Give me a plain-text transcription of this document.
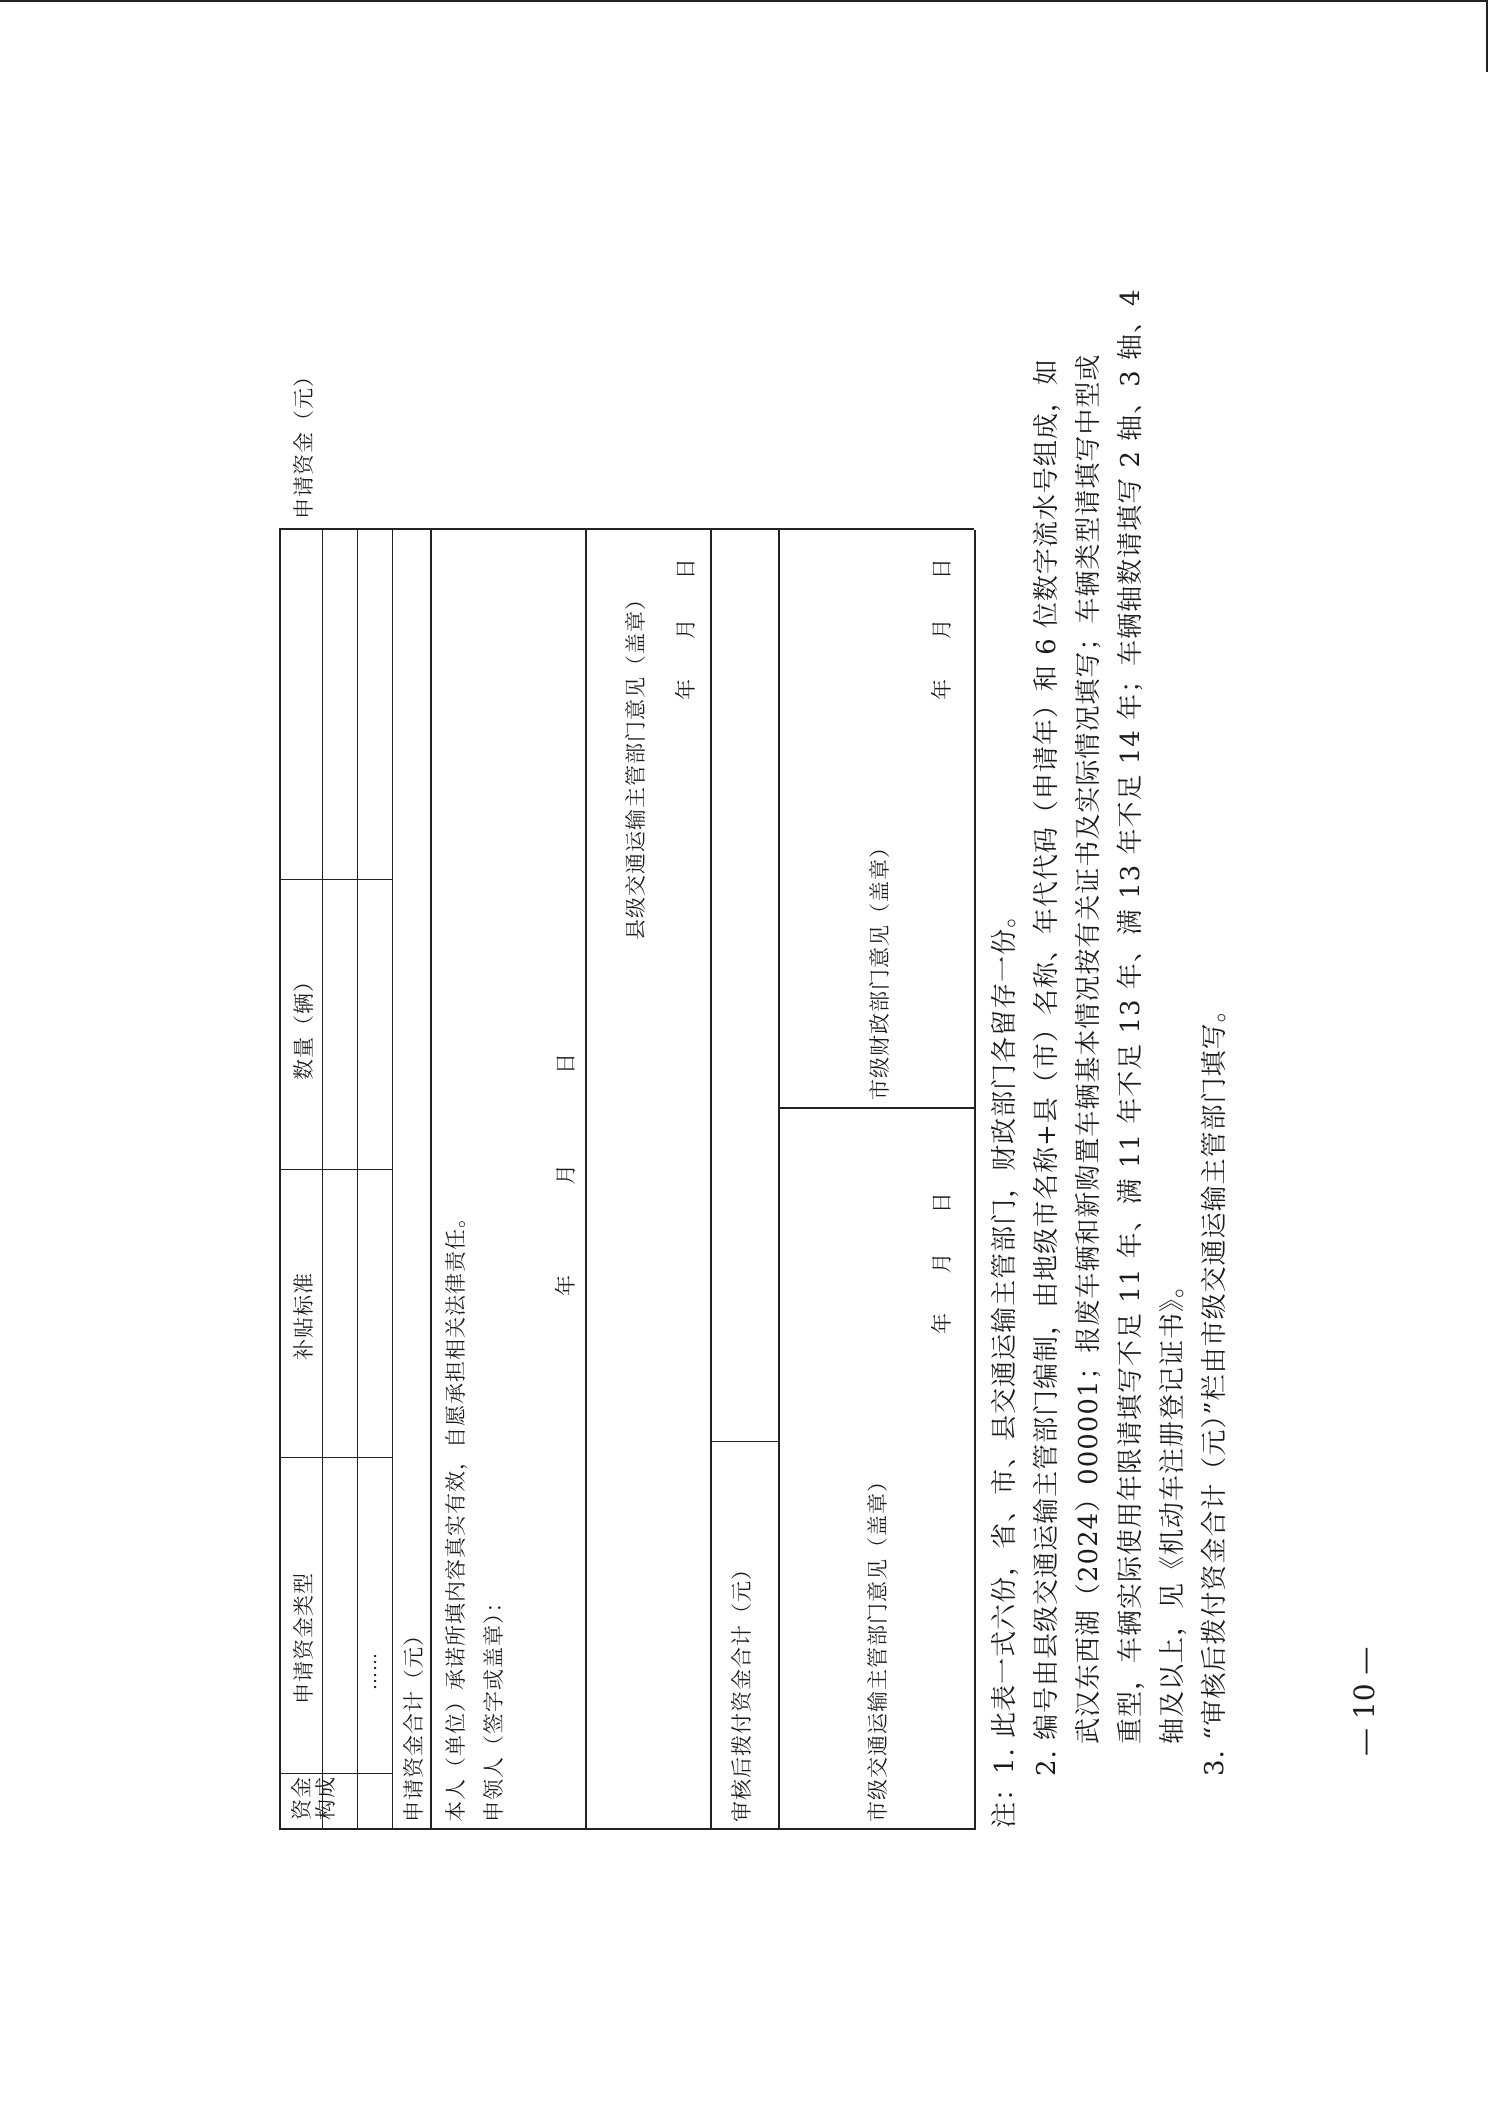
资金 构成
申请资金类型
补贴标准
数量（辆）
申请资金（元）
…… 申请资金合计（元） 本人（单位）承诺所填内容真实有效，自愿承担相关法律责任。 申领人（签字或盖章）：
年   月   日
县级交通运输主管部门意见（盖章） 年     月     日
审核后拨付资金合计（元）	市级交通运输主管部门意见（盖章）
年     月     日
市级财政部门意见（盖章）
年     月     日
注：1. 此表一式六份，省、市、县交通运输主管部门，财政部门各留存一份。 2. 编号由县级交通运输主管部门编制，由地级市名称+县（市）名称、年代代码（申请年）和 6 位数字流水号组成，如 武汉东西湖（2024）000001；报废车辆和新购置车辆基本情况按有关证书及实际情况填写；车辆类型请填写中型或 重型，车辆实际使用年限请填写不足 11 年、满 11 年不足 13 年、满 13 年不足 14 年；车辆轴数请填写 2 轴、3 轴、4 轴及以上，见《机动车注册登记证书》。 3. “审核后拨付资金合计（元）”栏由市级交通运输主管部门填写。	— 10 —
